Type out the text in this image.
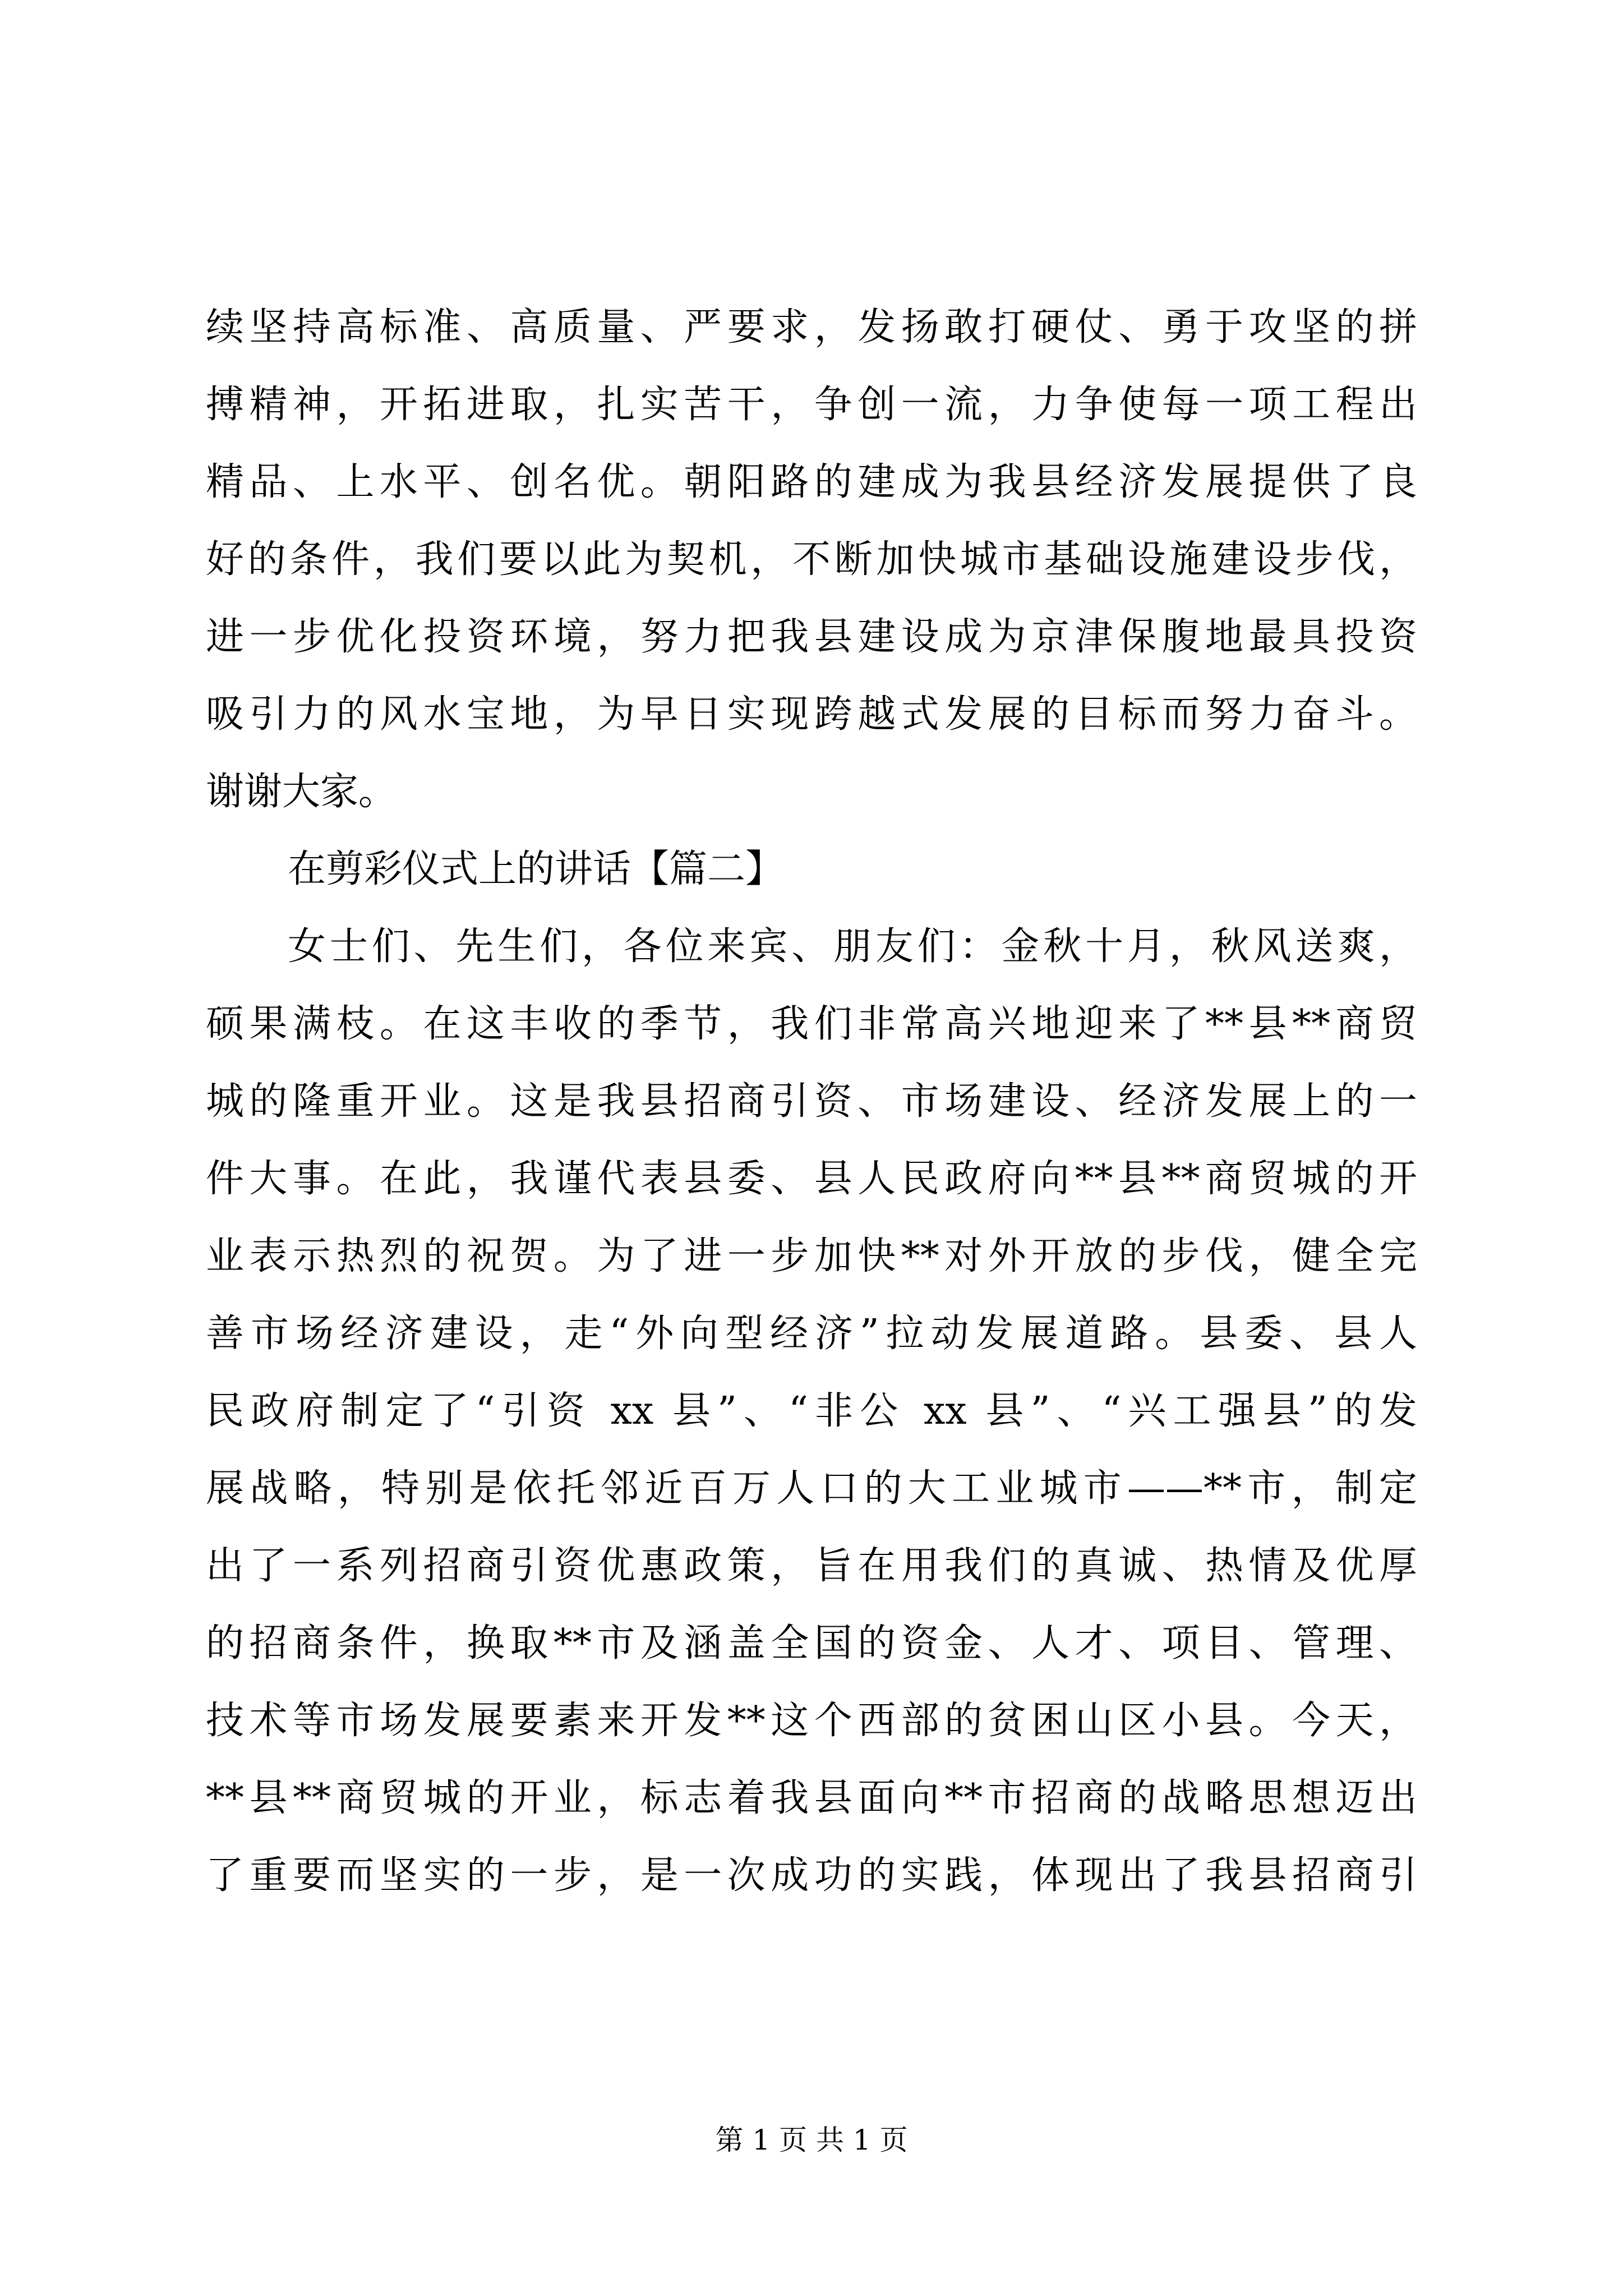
续坚持高标准、高质量、严要求，发扬敢打硬仗、勇于攻坚的拼
搏精神，开拓进取，扎实苦干，争创一流，力争使每一项工程出
精品、上水平、创名优。朝阳路的建成为我县经济发展提供了良
好的条件，我们要以此为契机，不断加快城市基础设施建设步伐，
进一步优化投资环境，努力把我县建设成为京津保腹地最具投资
吸引力的风水宝地，为早日实现跨越式发展的目标而努力奋斗。
谢谢大家。
在剪彩仪式上的讲话【篇二】
女士们、先生们，各位来宾、朋友们：金秋十月，秋风送爽，
硕果满枝。在这丰收的季节，我们非常高兴地迎来了**县**商贸
城的隆重开业。这是我县招商引资、市场建设、经济发展上的一
件大事。在此，我谨代表县委、县人民政府向**县**商贸城的开
业表示热烈的祝贺。为了进一步加快**对外开放的步伐，健全完
善市场经济建设，走“外向型经济”拉动发展道路。县委、县人
民政府制定了“引资 xx 县”、“非公 xx 县”、“兴工强县”的发
展战略，特别是依托邻近百万人口的大工业城市——**市，制定
出了一系列招商引资优惠政策，旨在用我们的真诚、热情及优厚
的招商条件，换取**市及涵盖全国的资金、人才、项目、管理、
技术等市场发展要素来开发**这个西部的贫困山区小县。今天，
**县**商贸城的开业，标志着我县面向**市招商的战略思想迈出
了重要而坚实的一步，是一次成功的实践，体现出了我县招商引
第 1 页 共 1 页
